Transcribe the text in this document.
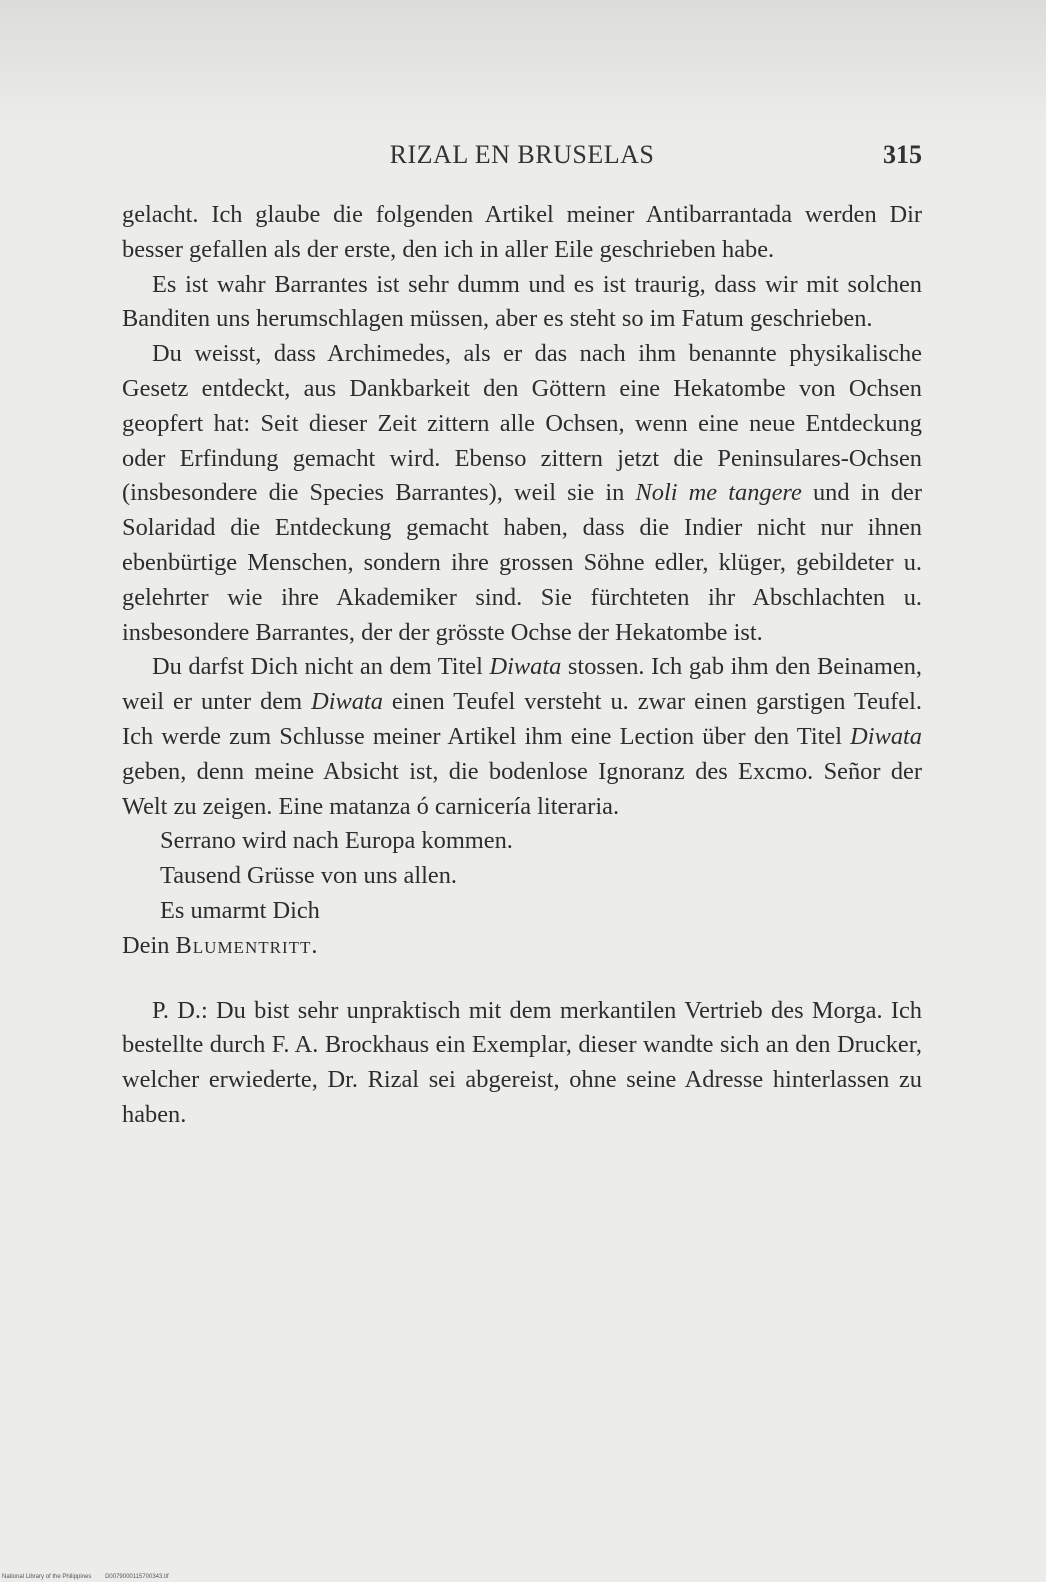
RIZAL EN BRUSELAS	315

gelacht. Ich glaube die folgenden Artikel meiner Antibarrantada werden Dir besser gefallen als der erste, den ich in aller Eile geschrieben habe.

Es ist wahr Barrantes ist sehr dumm und es ist traurig, dass wir mit solchen Banditen uns herumschlagen müssen, aber es steht so im Fatum geschrieben.

Du weisst, dass Archimedes, als er das nach ihm benannte physikalische Gesetz entdeckt, aus Dankbarkeit den Göttern eine Hekatombe von Ochsen geopfert hat: Seit dieser Zeit zittern alle Ochsen, wenn eine neue Entdeckung oder Erfindung gemacht wird. Ebenso zittern jetzt die Peninsulares-Ochsen (insbesondere die Species Barrantes), weil sie in Noli me tangere und in der Solaridad die Entdeckung gemacht haben, dass die Indier nicht nur ihnen ebenbürtige Menschen, sondern ihre grossen Söhne edler, klüger, gebildeter u. gelehrter wie ihre Akademiker sind. Sie fürchteten ihr Abschlachten u. insbesondere Barrantes, der der grösste Ochse der Hekatombe ist.

Du darfst Dich nicht an dem Titel Diwata stossen. Ich gab ihm den Beinamen, weil er unter dem Diwata einen Teufel versteht u. zwar einen garstigen Teufel. Ich werde zum Schlusse meiner Artikel ihm eine Lection über den Titel Diwata geben, denn meine Absicht ist, die bodenlose Ignoranz des Excmo. Señor der Welt zu zeigen. Eine matanza ó carnicería literaria.

Serrano wird nach Europa kommen.

Tausend Grüsse von uns allen.

Es umarmt Dich

Dein Blumentritt.

P. D.: Du bist sehr unpraktisch mit dem merkantilen Vertrieb des Morga. Ich bestellte durch F. A. Brockhaus ein Exemplar, dieser wandte sich an den Drucker, welcher erwiederte, Dr. Rizal sei abgereist, ohne seine Adresse hinterlassen zu haben.

National Library of the Philippines D0079000115700343.tif
